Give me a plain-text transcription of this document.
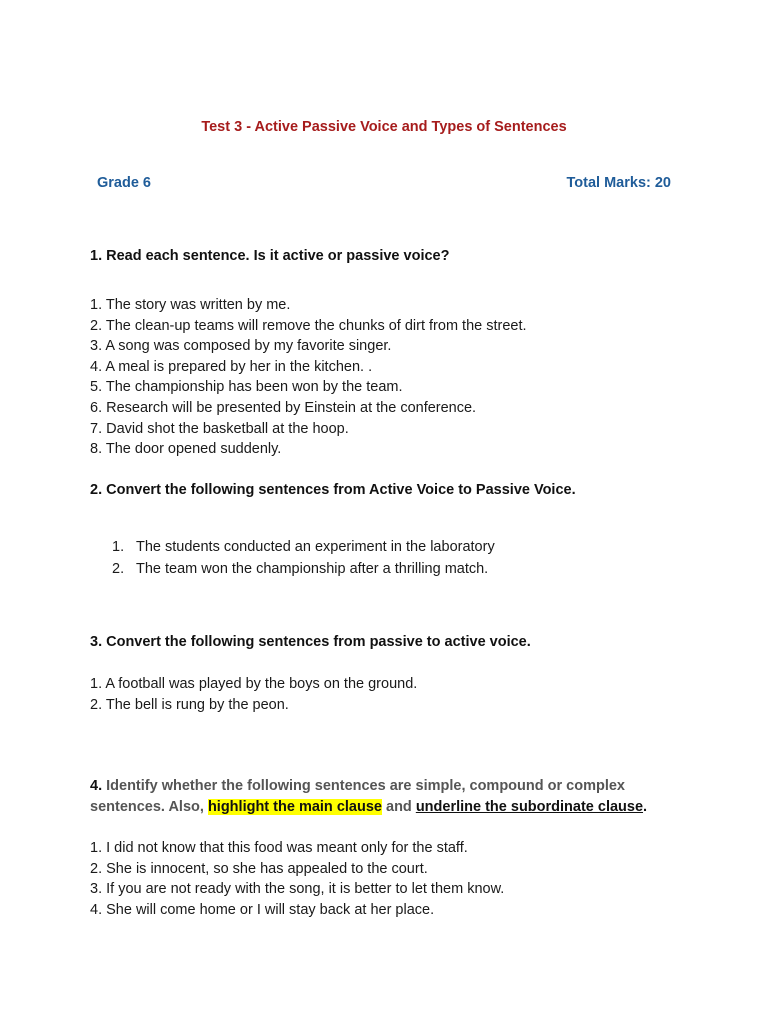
Test 3 - Active Passive Voice and Types of Sentences
Grade 6	Total Marks: 20
1. Read each sentence. Is it active or passive voice?
1. The story was written by me.
2. The clean-up teams will remove the chunks of dirt from the street.
3. A song was composed by my favorite singer.
4. A meal is prepared by her in the kitchen. .
5. The championship has been won by the team.
6. Research will be presented by Einstein at the conference.
7. David shot the basketball at the hoop.
8. The door opened suddenly.
2. Convert the following sentences from Active Voice to Passive Voice.
1. The students conducted an experiment in the laboratory
2. The team won the championship after a thrilling match.
3. Convert the following sentences from passive to active voice.
1. A football was played by the boys on the ground.
2. The bell is rung by the peon.
4. Identify whether the following sentences are simple, compound or complex sentences. Also, highlight the main clause and underline the subordinate clause.
1. I did not know that this food was meant only for the staff.
2. She is innocent, so she has appealed to the court.
3. If you are not ready with the song, it is better to let them know.
4. She will come home or I will stay back at her place.
